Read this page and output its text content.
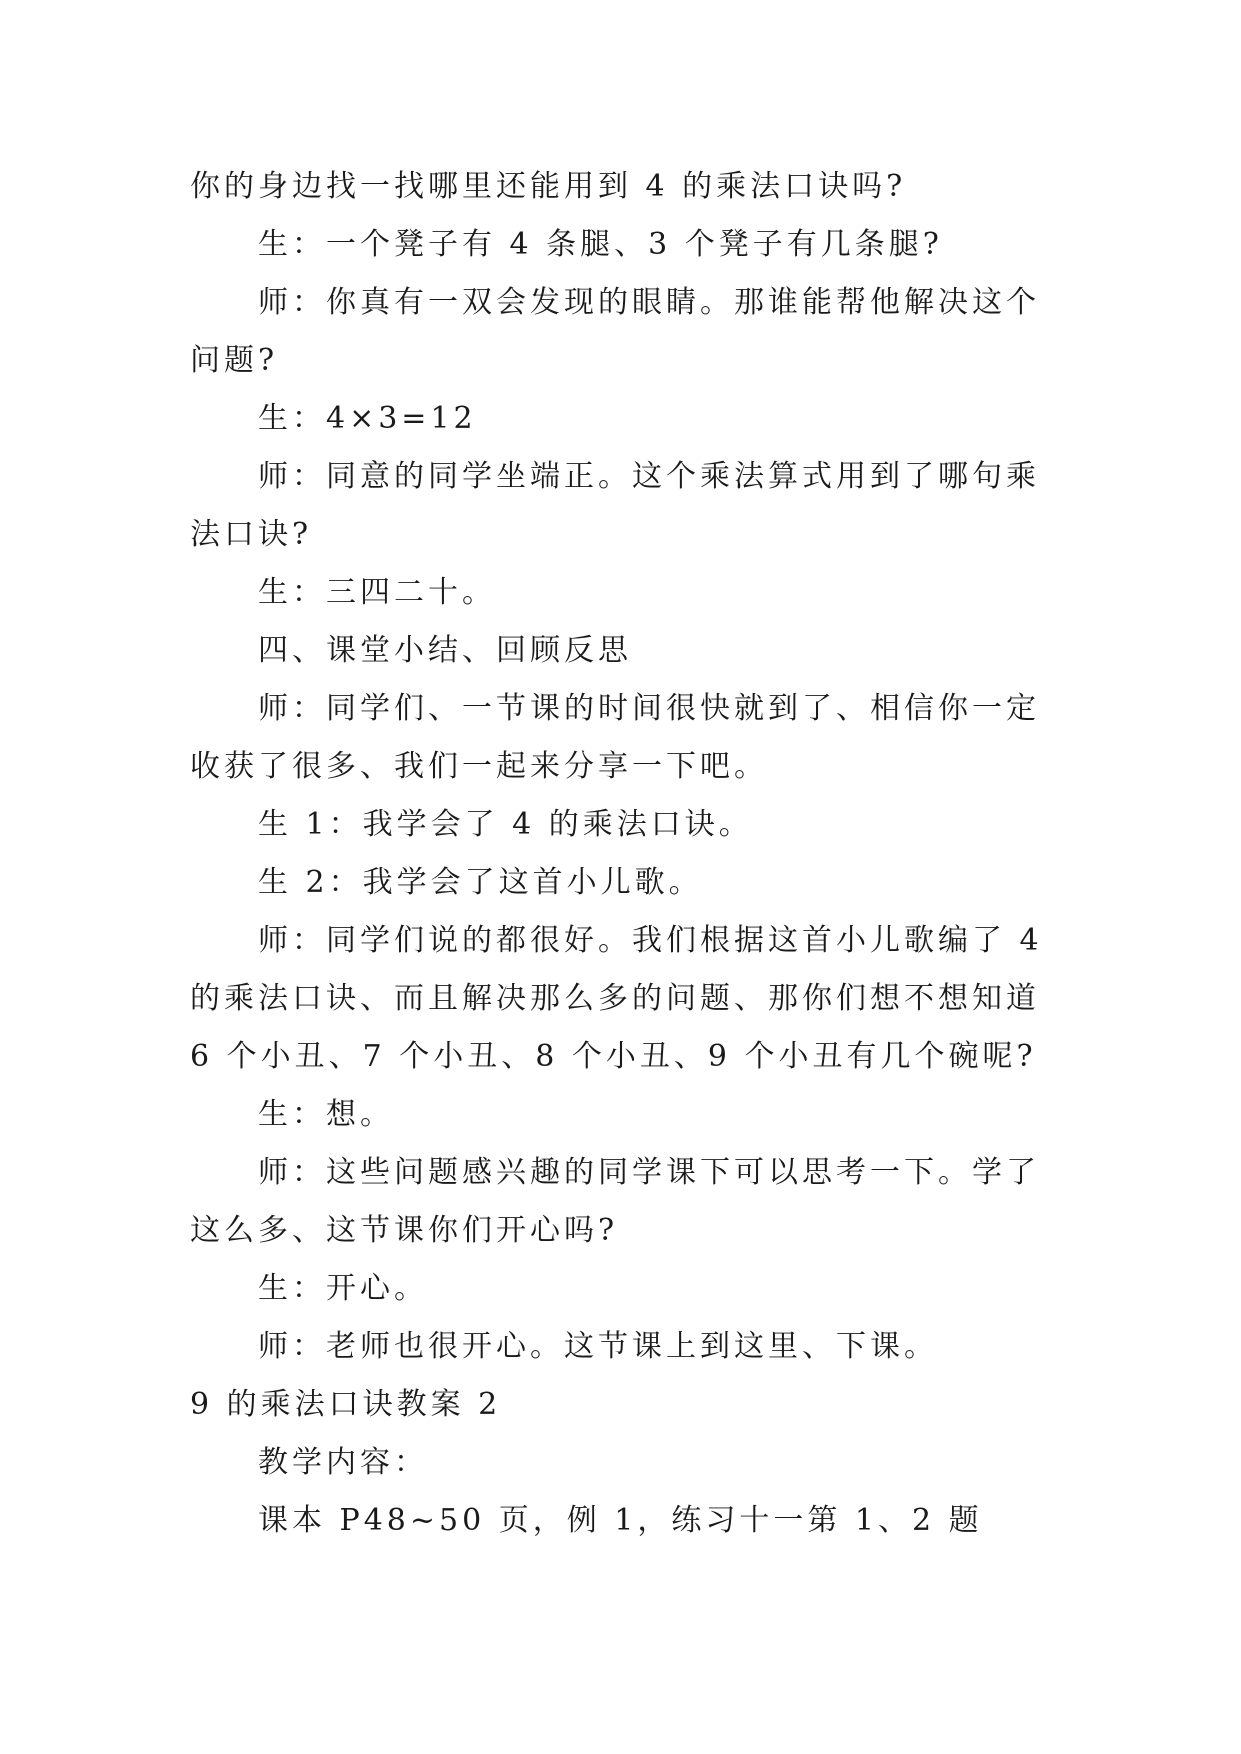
你的身边找一找哪里还能用到 4 的乘法口诀吗?

生：一个凳子有 4 条腿、3 个凳子有几条腿?

师：你真有一双会发现的眼睛。那谁能帮他解决这个问题?

生：4×3=12

师：同意的同学坐端正。这个乘法算式用到了哪句乘法口诀?

生：三四二十。

四、课堂小结、回顾反思

师：同学们、一节课的时间很快就到了、相信你一定收获了很多、我们一起来分享一下吧。

生 1：我学会了 4 的乘法口诀。

生 2：我学会了这首小儿歌。

师：同学们说的都很好。我们根据这首小儿歌编了 4 的乘法口诀、而且解决那么多的问题、那你们想不想知道 6 个小丑、7 个小丑、8 个小丑、9 个小丑有几个碗呢?

生：想。

师：这些问题感兴趣的同学课下可以思考一下。学了这么多、这节课你们开心吗?

生：开心。

师：老师也很开心。这节课上到这里、下课。

9 的乘法口诀教案 2

教学内容：

课本 P48~50 页，例 1，练习十一第 1、2 题
